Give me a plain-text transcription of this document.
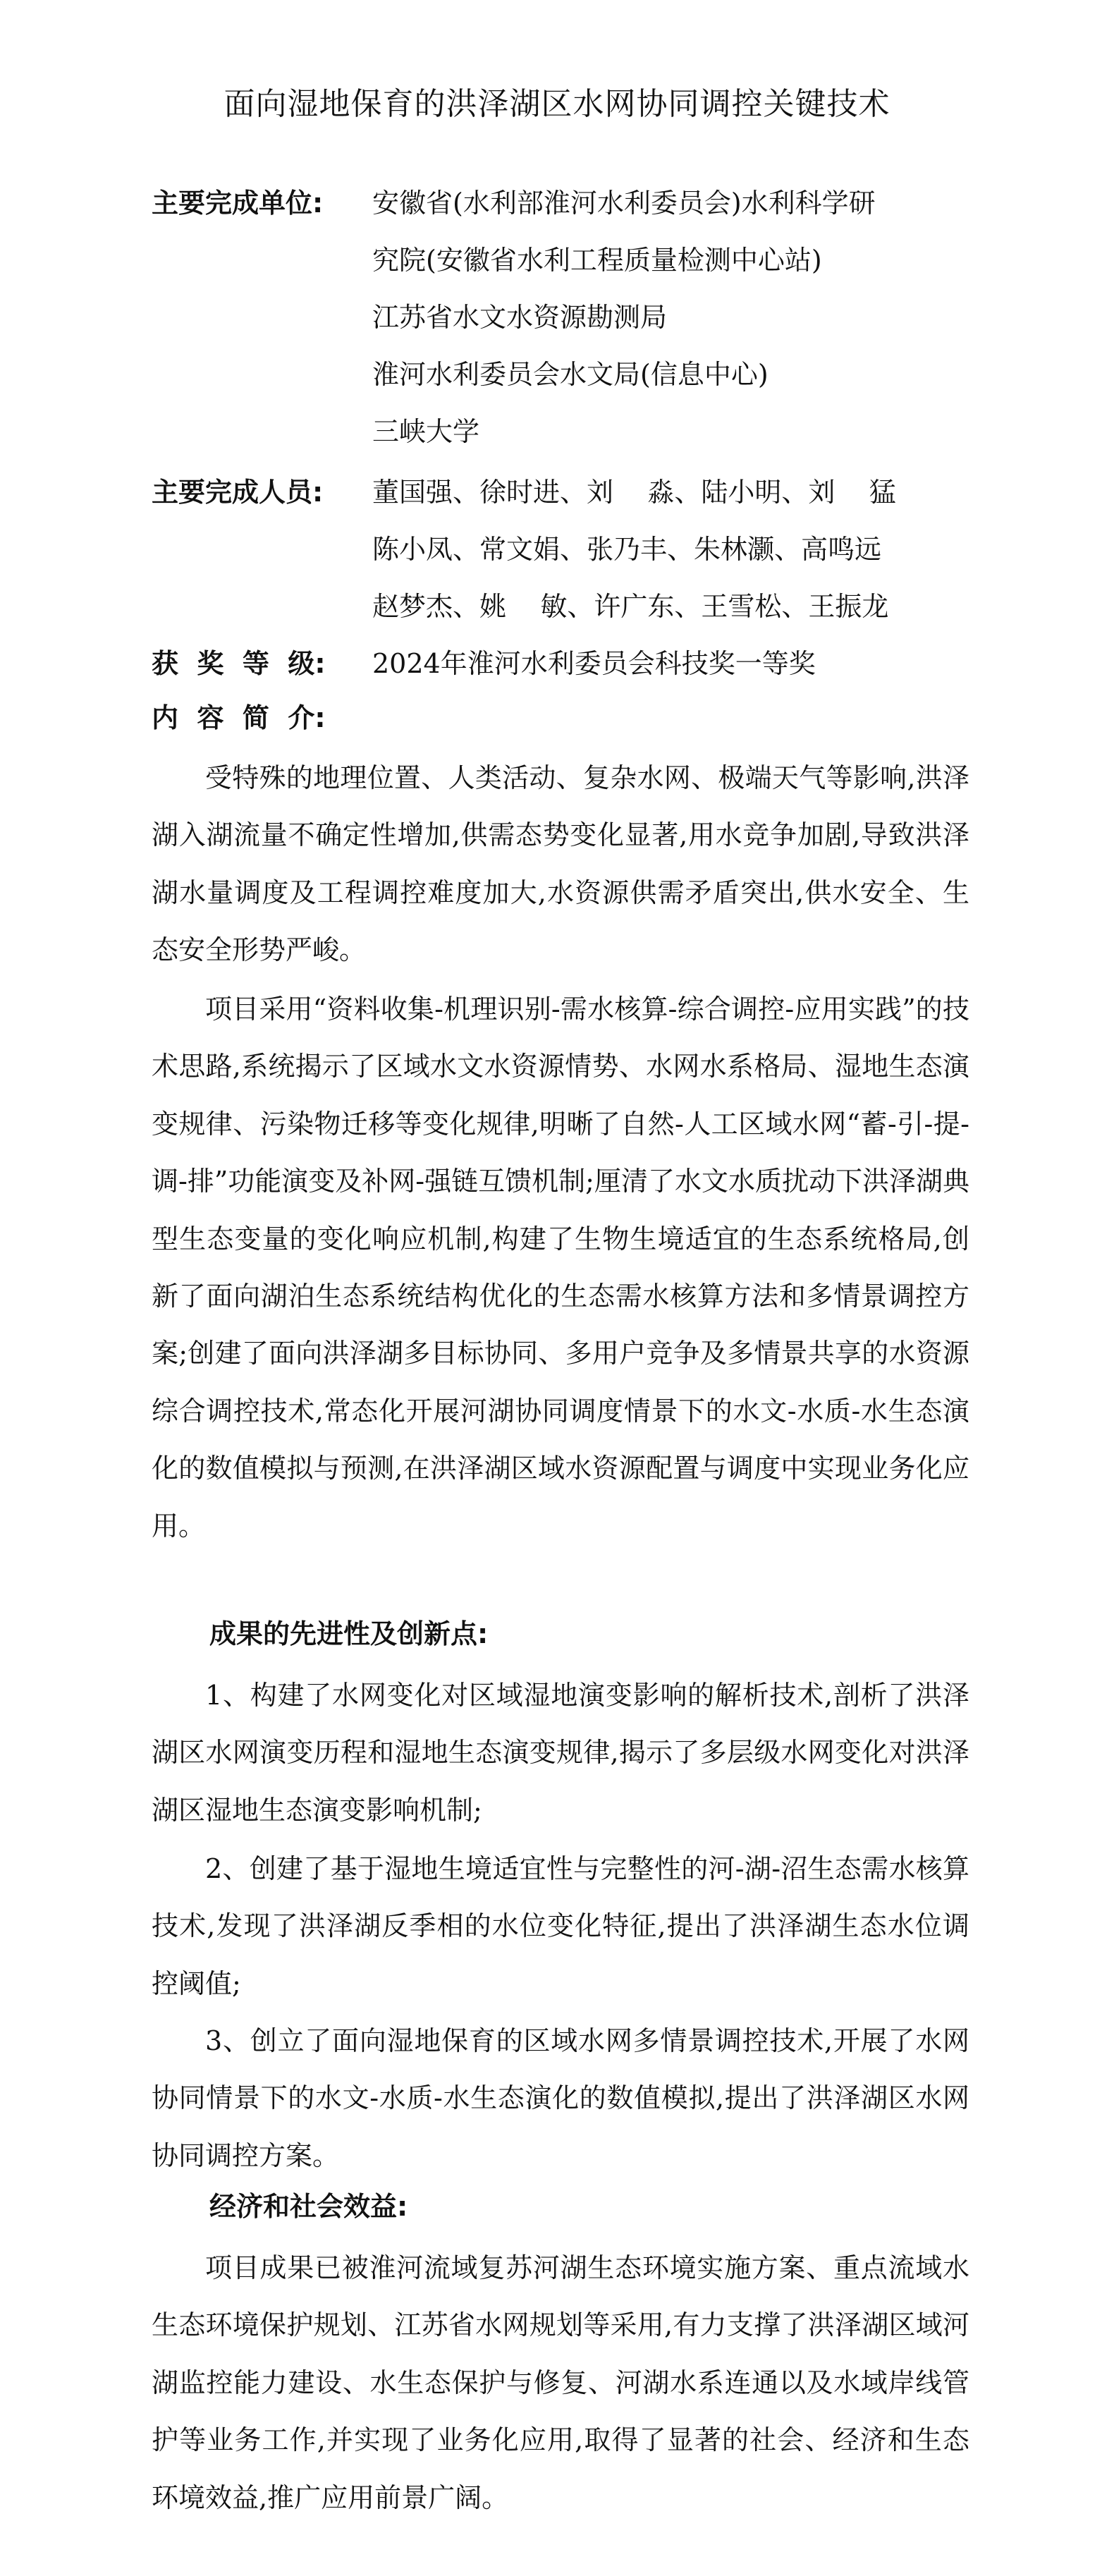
面向湿地保育的洪泽湖区水网协同调控关键技术
主要完成单位: 安徽省(水利部淮河水利委员会)水利科学研
究院(安徽省水利工程质量检测中心站)
江苏省水文水资源勘测局
淮河水利委员会水文局(信息中心)
三峡大学
主要完成人员: 董国强、徐时进、刘    淼、陆小明、刘    猛
陈小凤、常文娟、张乃丰、朱林灏、高鸣远
赵梦杰、姚    敏、许广东、王雪松、王振龙
获  奖  等  级: 2024年淮河水利委员会科技奖一等奖
内  容  简  介:

受特殊的地理位置、人类活动、复杂水网、极端天气等影响,洪泽湖入湖流量不确定性增加,供需态势变化显著,用水竞争加剧,导致洪泽湖水量调度及工程调控难度加大,水资源供需矛盾突出,供水安全、生态安全形势严峻。

项目采用“资料收集-机理识别-需水核算-综合调控-应用实践”的技术思路,系统揭示了区域水文水资源情势、水网水系格局、湿地生态演变规律、污染物迁移等变化规律,明晰了自然-人工区域水网“蓄-引-提-调-排”功能演变及补网-强链互馈机制;厘清了水文水质扰动下洪泽湖典型生态变量的变化响应机制,构建了生物生境适宜的生态系统格局,创新了面向湖泊生态系统结构优化的生态需水核算方法和多情景调控方案;创建了面向洪泽湖多目标协同、多用户竞争及多情景共享的水资源综合调控技术,常态化开展河湖协同调度情景下的水文-水质-水生态演化的数值模拟与预测,在洪泽湖区域水资源配置与调度中实现业务化应用。

成果的先进性及创新点:

1、构建了水网变化对区域湿地演变影响的解析技术,剖析了洪泽湖区水网演变历程和湿地生态演变规律,揭示了多层级水网变化对洪泽湖区湿地生态演变影响机制;

2、创建了基于湿地生境适宜性与完整性的河-湖-沼生态需水核算技术,发现了洪泽湖反季相的水位变化特征,提出了洪泽湖生态水位调控阈值;

3、创立了面向湿地保育的区域水网多情景调控技术,开展了水网协同情景下的水文-水质-水生态演化的数值模拟,提出了洪泽湖区水网协同调控方案。

经济和社会效益:

项目成果已被淮河流域复苏河湖生态环境实施方案、重点流域水生态环境保护规划、江苏省水网规划等采用,有力支撑了洪泽湖区域河湖监控能力建设、水生态保护与修复、河湖水系连通以及水域岸线管护等业务工作,并实现了业务化应用,取得了显著的社会、经济和生态环境效益,推广应用前景广阔。
